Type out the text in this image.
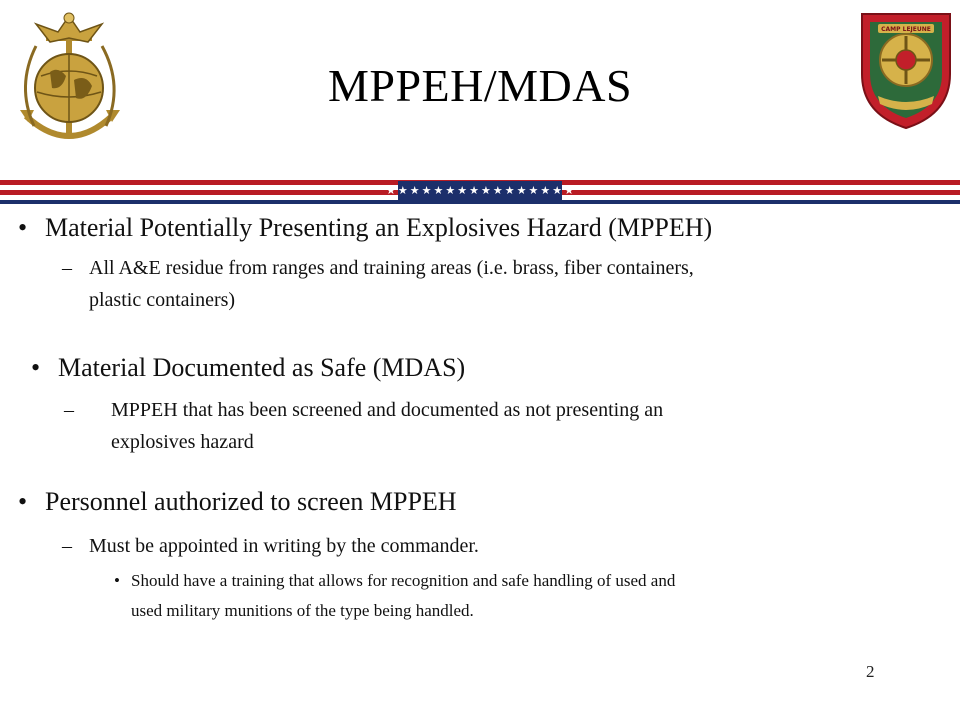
MPPEH/MDAS
CAMP LEJEUNE
★ ★ ★ ★ ★ ★ ★ ★ ★ ★ ★ ★ ★ ★ ★ ★
• Material Potentially Presenting an Explosives Hazard (MPPEH)
– All A&E residue from ranges and training areas (i.e. brass, fiber containers,
plastic containers)
• Material Documented as Safe (MDAS)
– MPPEH that has been screened and documented as not presenting an
explosives hazard
• Personnel authorized to screen MPPEH
– Must be appointed in writing by the commander.
• Should have a training that allows for recognition and safe handling of used and
used military munitions of the type being handled.
2
